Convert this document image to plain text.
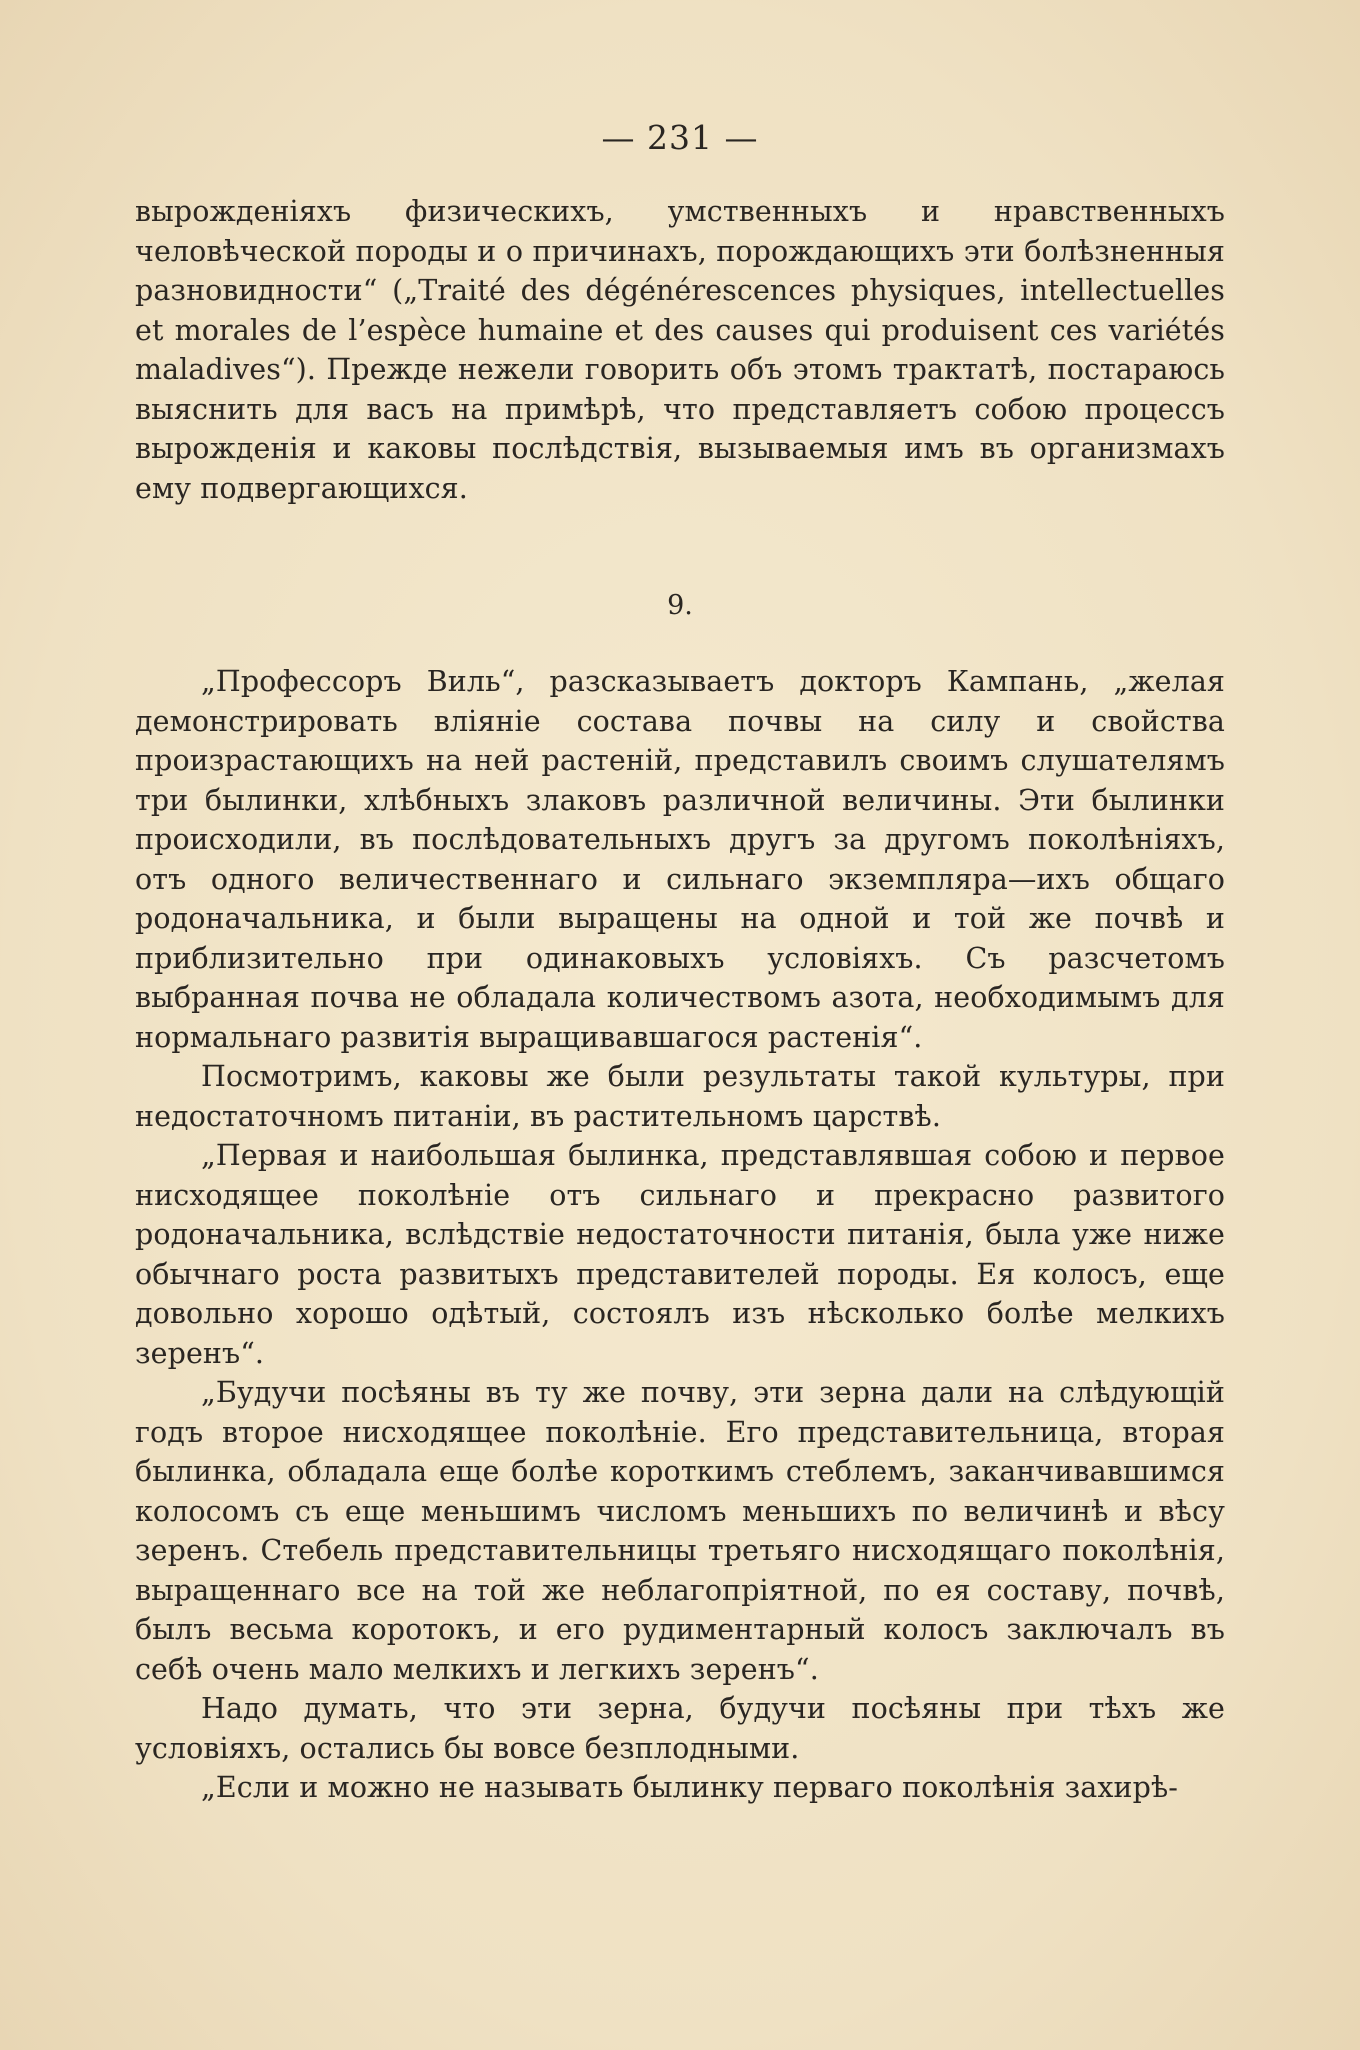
— 231 —

вырожденіяхъ физическихъ, умственныхъ и нравственныхъ человѣческой породы и о причинахъ, порождающихъ эти болѣзненныя разновидности“ („Traité des dégénérescences physiques, intellectuelles et morales de l’espèce humaine et des causes qui produisent ces variétés maladives“). Прежде нежели говорить объ этомъ трактатѣ, постараюсь выяснить для васъ на примѣрѣ, что представляетъ собою процессъ вырожденія и каковы послѣдствія, вызываемыя имъ въ организмахъ ему подвергающихся.

9.

„Профессоръ Виль“, разсказываетъ докторъ Кампань, „желая демонстрировать вліяніе состава почвы на силу и свойства произрастающихъ на ней растеній, представилъ своимъ слушателямъ три былинки, хлѣбныхъ злаковъ различной величины. Эти былинки происходили, въ послѣдовательныхъ другъ за другомъ поколѣніяхъ, отъ одного величественнаго и сильнаго экземпляра—ихъ общаго родоначальника, и были выращены на одной и той же почвѣ и приблизительно при одинаковыхъ условіяхъ. Съ разсчетомъ выбранная почва не обладала количествомъ азота, необходимымъ для нормальнаго развитія выращивавшагося растенія“.

Посмотримъ, каковы же были результаты такой культуры, при недостаточномъ питаніи, въ растительномъ царствѣ.

„Первая и наибольшая былинка, представлявшая собою и первое нисходящее поколѣніе отъ сильнаго и прекрасно развитого родоначальника, вслѣдствіе недостаточности питанія, была уже ниже обычнаго роста развитыхъ представителей породы. Ея колосъ, еще довольно хорошо одѣтый, состоялъ изъ нѣсколько болѣе мелкихъ зеренъ“.

„Будучи посѣяны въ ту же почву, эти зерна дали на слѣдующій годъ второе нисходящее поколѣніе. Его представительница, вторая былинка, обладала еще болѣе короткимъ стеблемъ, заканчивавшимся колосомъ съ еще меньшимъ числомъ меньшихъ по величинѣ и вѣсу зеренъ. Стебель представительницы третьяго нисходящаго поколѣнія, выращеннаго все на той же неблагопріятной, по ея составу, почвѣ, былъ весьма коротокъ, и его рудиментарный колосъ заключалъ въ себѣ очень мало мелкихъ и легкихъ зеренъ“.

Надо думать, что эти зерна, будучи посѣяны при тѣхъ же условіяхъ, остались бы вовсе безплодными.

„Если и можно не называть былинку перваго поколѣнія захирѣ-
